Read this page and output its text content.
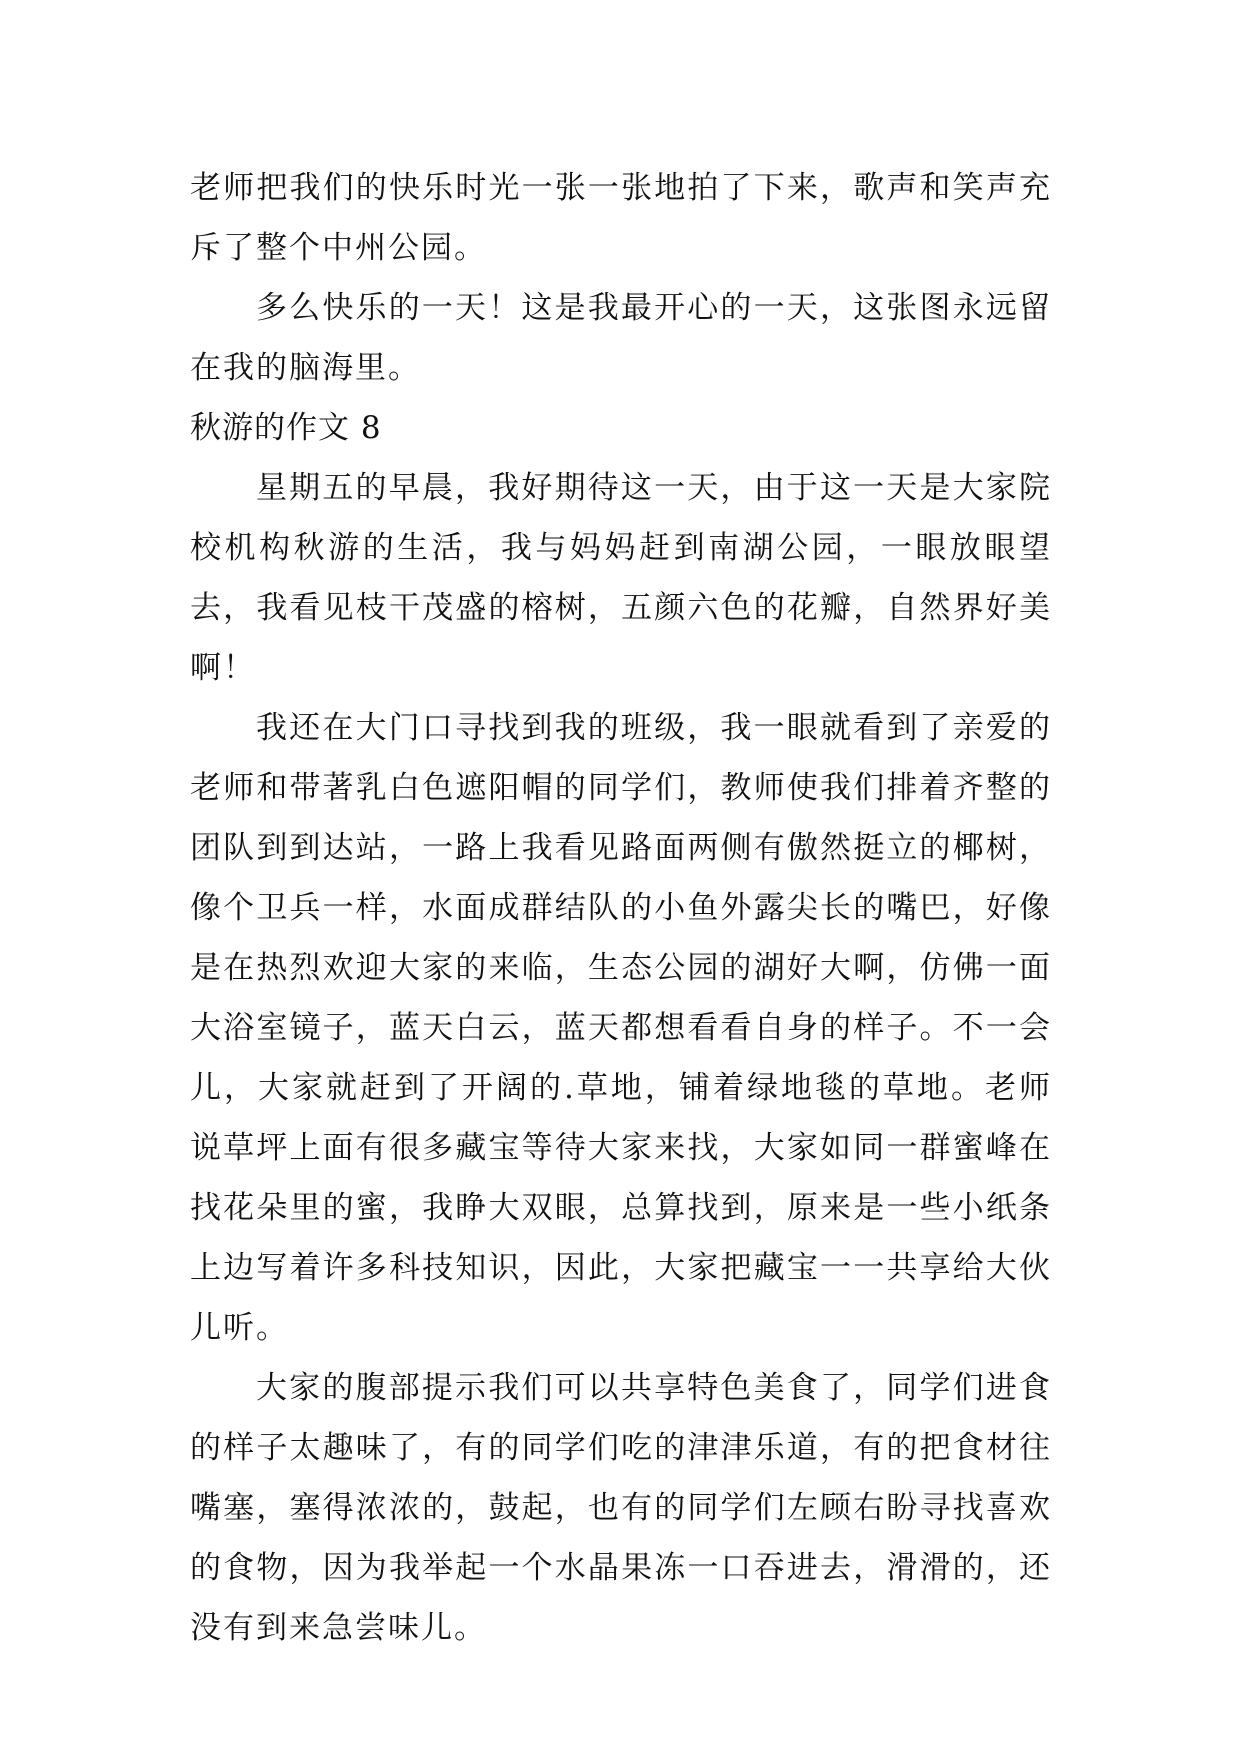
老师把我们的快乐时光一张一张地拍了下来，歌声和笑声充斥了整个中州公园。

多么快乐的一天！这是我最开心的一天，这张图永远留在我的脑海里。

秋游的作文 8

星期五的早晨，我好期待这一天，由于这一天是大家院校机构秋游的生活，我与妈妈赶到南湖公园，一眼放眼望去，我看见枝干茂盛的榕树，五颜六色的花瓣，自然界好美啊！

我还在大门口寻找到我的班级，我一眼就看到了亲爱的老师和带著乳白色遮阳帽的同学们，教师使我们排着齐整的团队到到达站，一路上我看见路面两侧有傲然挺立的椰树，像个卫兵一样，水面成群结队的小鱼外露尖长的嘴巴，好像是在热烈欢迎大家的来临，生态公园的湖好大啊，仿佛一面大浴室镜子，蓝天白云，蓝天都想看看自身的样子。不一会儿，大家就赶到了开阔的.草地，铺着绿地毯的草地。老师说草坪上面有很多藏宝等待大家来找，大家如同一群蜜峰在找花朵里的蜜，我睁大双眼，总算找到，原来是一些小纸条上边写着许多科技知识，因此，大家把藏宝一一共享给大伙儿听。

大家的腹部提示我们可以共享特色美食了，同学们进食的样子太趣味了，有的同学们吃的津津乐道，有的把食材往嘴塞，塞得浓浓的，鼓起，也有的同学们左顾右盼寻找喜欢的食物，因为我举起一个水晶果冻一口吞进去，滑滑的，还没有到来急尝味儿。
